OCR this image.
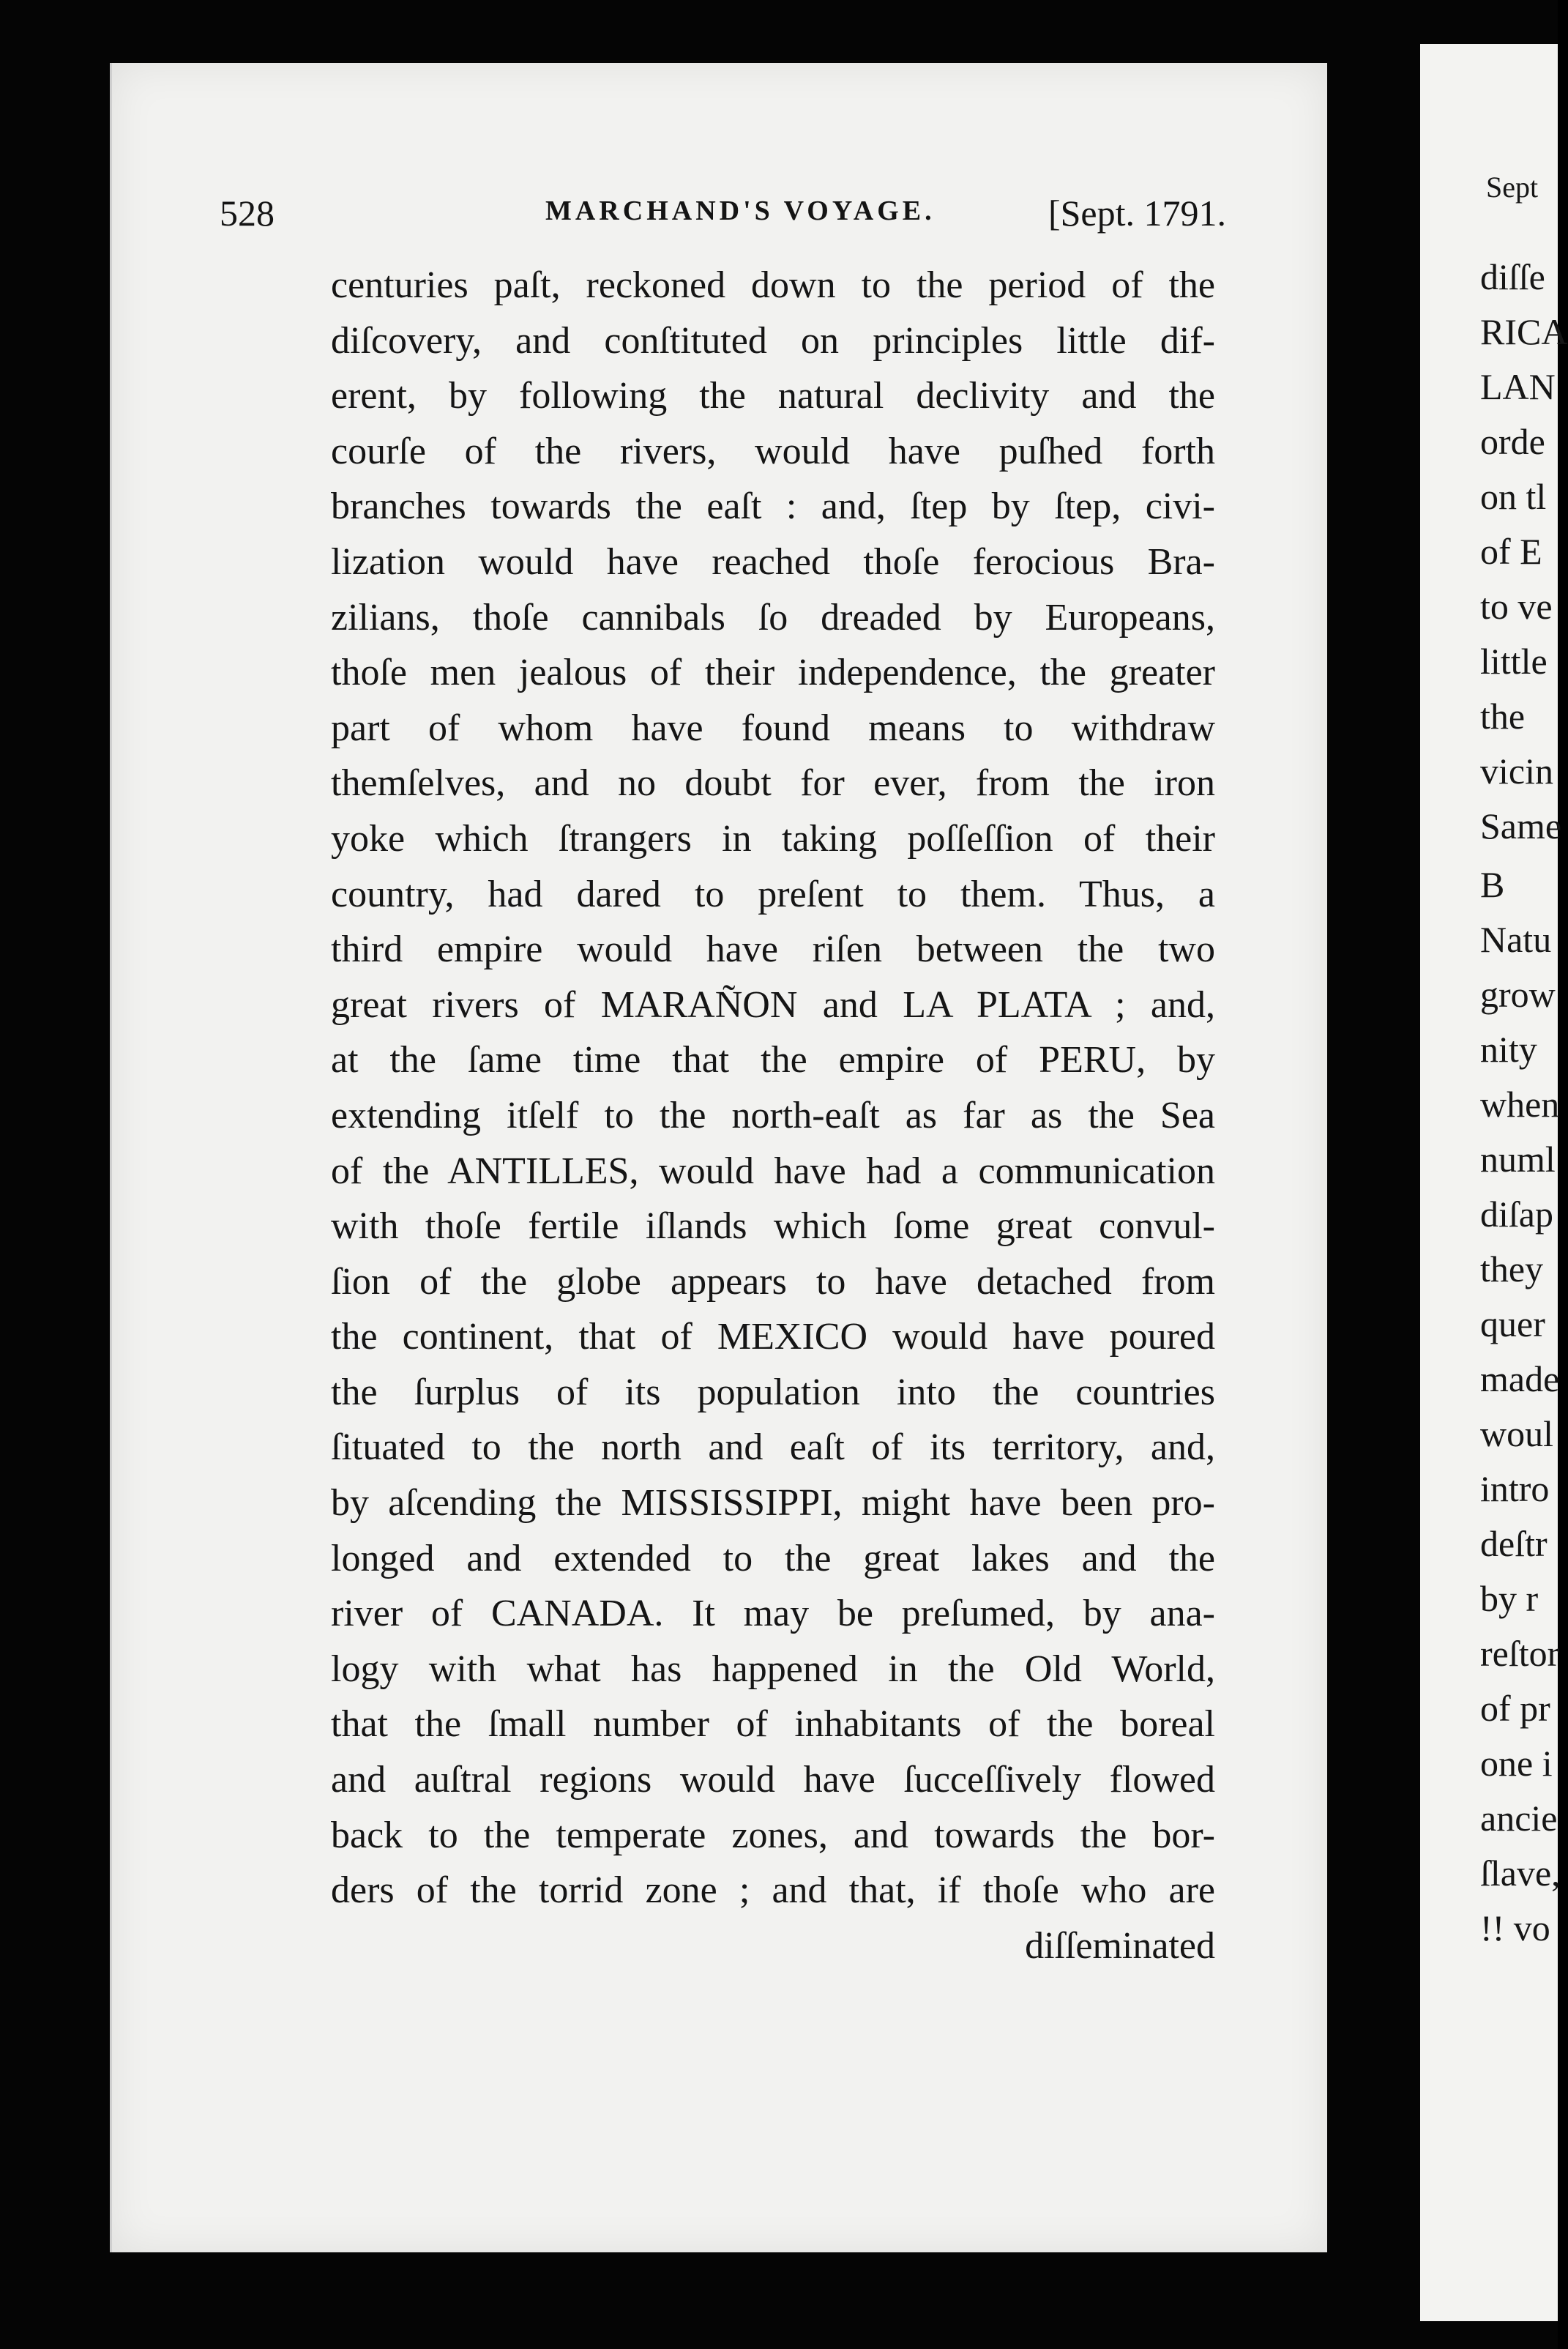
528	MARCHAND'S VOYAGE.	[Sept. 1791.
centuries paſt, reckoned down to the period of the
diſcovery, and conſtituted on principles little dif-
erent, by following the natural declivity and the
courſe of the rivers, would have puſhed forth
branches towards the eaſt : and, ſtep by ſtep, civi-
lization would have reached thoſe ferocious Bra-
zilians, thoſe cannibals ſo dreaded by Europeans,
thoſe men jealous of their independence, the greater
part of whom have found means to withdraw
themſelves, and no doubt for ever, from the iron
yoke which ſtrangers in taking poſſeſſion of their
country, had dared to preſent to them. Thus, a
third empire would have riſen between the two
great rivers of MARAÑON and LA PLATA ; and,
at the ſame time that the empire of PERU, by
extending itſelf to the north-eaſt as far as the Sea
of the ANTILLES, would have had a communication
with thoſe fertile iſlands which ſome great convul-
ſion of the globe appears to have detached from
the continent, that of MEXICO would have poured
the ſurplus of its population into the countries
ſituated to the north and eaſt of its territory, and,
by aſcending the MISSISSIPPI, might have been pro-
longed and extended to the great lakes and the
river of CANADA. It may be preſumed, by ana-
logy with what has happened in the Old World,
that the ſmall number of inhabitants of the boreal
and auſtral regions would have ſucceſſively flowed
back to the temperate zones, and towards the bor-
ders of the torrid zone ; and that, if thoſe who are
diſſeminated
Sept
diſſe
RICA
LAN
orde
on tl
of E
to ve
little
the
vicin
Same
B
Natu
grow
nity
when
numl
diſap
they
quer
made
woul
intro
deſtr
by r
reſtor
of pr
one i
ancie
ſlave,
!! vo
